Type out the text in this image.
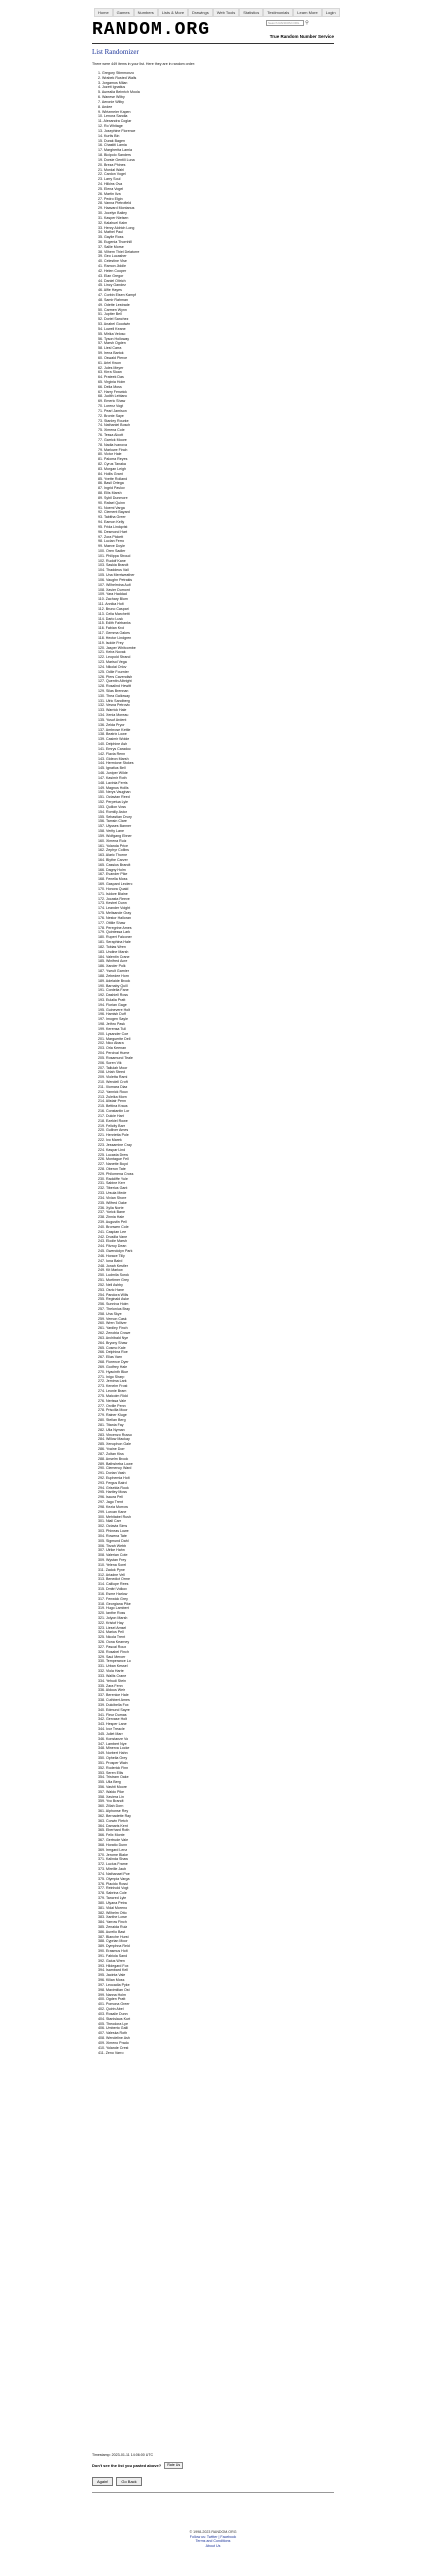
Home	Games	Numbers	Lists & More	Drawings	Web Tools	Statistics	Testimonials	Learn More	Login
RANDOM.ORG	Search RANDOM.ORG	⚲
True Random Number Service
List Randomizer
There were 449 items in your list. Here they are in random order:
1. Gregory Stimmonzo
2. Wrabek Rusted Walls
3. Jorgamos Milan
4. Jozett Ignatius
5. Aurealia Beinrich Moola
6. Wanese Wilby
7. Aeronie Wilby
8. Andee
9. Wirtzmeier Kapen
10. Lenora Sandia
11. Alexandra Coglar
12. Ro Whitage
13. Josephine Florence
14. Kurtis Bin
15. Durak Bagen
16. Chastiti Lamia
17. Margherita Lamia
18. Bicipolo Sanders
19. Dorsie Gentili Luna
20. Breza Phines
21. Mordal Wahl
22. Cardon Vogel
23. Larry Soul
24. Hilkins Ova
25. Elena Vogel
26. Martin Ilva
27. Pedro Elgin
28. Vanna Pietrofield
29. Haavard Montanus
30. Jocelyn Bailey
31. Kasper Nielsen
32. Kalahuel Kalm
33. Henry Aldrich Long
34. Mathel Paul
35. Gaylie Ross
36. Eugenia Thornhill
37. Sallie Morse
38. Vilhem Thiel Delatorre
39. Geo Lucasher
40. Celestine Vise
41. Ramon Jiddle
42. Helen Cooper
43. Elan Gregor
44. Daniel Oltrich
45. Lincy Gandez
46. Alfie Hayes
47. Corbin Eisen Kampf
48. Samir Rahman
49. Odette Lestrade
50. Carmen Wynn
51. Jupiter Bell
52. Doriel Sanchez
53. Anabel Goodwin
54. Lowell Keane
55. Mirika Veloso
56. Tyson Holloway
57. Marsh Ogden
58. Liesl Carra
59. Irena Bartok
60. Oswald Pierce
61. Ariel Kwon
62. Jules Meyer
63. Kirra Sloan
64. Prateek Das
65. Virginia Holm
66. Delia Moss
67. Harry Fenwick
68. Judith Leblanc
69. Emeric Shaw
70. Lorenz Vogt
71. Pearl Jamison
72. Bronte Saye
73. Stanley Rourke
74. Nathaniel Bosch
75. Ximena Cole
76. Tessa Alcott
77. Garrick Moore
78. Nadia Ivanova
79. Marlowe Finch
80. Victor Hale
81. Paloma Reyes
82. Cyrus Tanaka
83. Morgan Leigh
84. Hollis Grant
85. Yvette Rolland
86. Basil Ortega
87. Ingrid Pavlov
88. Ellis Marsh
89. Sybil Dunmore
90. Rafael Quinn
91. Noemi Varga
92. Clement Bayard
93. Tabitha Greer
94. Eamon Kelly
95. Frida Lindqvist
96. Desmond Hart
97. Zora Pickett
98. Lucian Ferro
99. Maeve Doyle
100. Oren Sadler
101. Philippa Stroud
102. Rudolf Kane
103. Saskia Brandt
104. Thaddeus Vail
105. Una Merriweather
106. Vaughn Petrakis
107. Wilhelmina Ault
108. Xavier Dumont
109. Yara Haddad
110. Zachary Blum
111. Annika Holt
112. Bruno Caspari
113. Celia Marchetti
114. Dario Lusk
115. Edith Fairbanks
116. Fabian Krol
117. Gemma Oakes
118. Hector Lindgren
119. Isolde Frey
120. Jasper Whitcombe
121. Keira Novak
122. Leopold Strand
123. Marisol Vega
124. Nikolai Orlov
125. Odile Fournier
126. Piers Cavendish
127. Quentin Albright
128. Rosalind Hewitt
129. Silas Brennan
130. Thea Galloway
131. Ulric Sandberg
132. Vesna Petrovic
133. Warrick Hale
134. Xenia Moreau
135. Yusuf Ardent
136. Zelda Pryor
137. Ambrose Kettle
138. Beatrix Lowe
139. Casimir Wolde
140. Delphine Ash
141. Emrys Caradoc
142. Flavia Renn
143. Gideon Marsh
144. Hermione Stokes
145. Ignatius Bell
146. Juniper Wilde
147. Kasimir Roth
148. Lavinia Ferris
149. Magnus Hollis
150. Nerys Vaughan
151. Octavian Reed
152. Perpetua Lyle
153. Quillon Voss
154. Romilly Astor
155. Sebastian Drury
156. Tamsin Clare
157. Ulysses Banner
158. Verity Lane
159. Wolfgang Ebner
160. Ximena Ruiz
161. Yolanda Price
162. Zephyr Collins
163. Alaric Thorne
164. Blythe Carver
165. Cassius Brandt
166. Dagny Holm
167. Evander Pike
168. Fenella Moss
169. Gaspard Leclerc
170. Honora Quaid
171. Isidore Blaine
172. Jocasta Reeve
173. Kestrel Dunn
174. Leander Voight
175. Melisande Gray
176. Nestor Halloran
177. Ottilie Shaw
178. Peregrine Ames
179. Quintessa Lark
180. Rupert Falconer
181. Seraphina Hale
182. Tobias Wren
183. Undine Marsh
184. Valentin Crane
185. Winifred Acre
186. Xander Polk
187. Yseult Garnier
188. Zebedee Horn
189. Adelaide Brook
190. Barnaby Quill
191. Cordelia Fane
192. Dashiell Ross
193. Eulalia Pratt
194. Florian Gage
195. Guinevere Holt
196. Hamish Duff
197. Imogen Sayle
198. Jethro Pask
199. Kerensa Tull
200. Lysander Coe
201. Marguerite Dell
202. Nico Abara
203. Orla Keenan
204. Percival Hume
205. Rosamund Teale
206. Soren Vik
207. Tallulah Moor
208. Uriah Steed
209. Violetta Rami
210. Wendell Croft
211. Xiomara Diaz
212. Yannick Roux
213. Zuleika Morn
214. Alistair Penn
215. Bettina Kraus
216. Constantin Lor
217. Dulcie Hart
218. Ezekiel Rowe
219. Felicity Barr
220. Gulliver Ames
221. Henrietta Pole
222. Ivo Marek
223. Jessamine Cray
224. Kaspar Lind
225. Lucasta Drew
226. Montague Fell
227. Nanette Boyd
228. Oberon Tate
229. Philomena Cross
230. Radcliffe Yule
231. Sabine Kerr
232. Tiberius Gant
233. Ursula Mede
234. Vivian Shore
235. Wilfred Oake
236. Xylia Norte
237. Yorick Bane
238. Zinnia Hale
239. Augustin Pell
240. Bronwen Cole
241. Caspian Lee
242. Drusilla Vane
243. Elodie Marsh
244. Fitzroy Dean
245. Gwendolyn Park
246. Horace Tilly
247. Iona Baird
248. Jonah Kestler
249. Kit Marlow
250. Ludmila Sorok
251. Mortimer Grey
252. Nell Ashby
253. Osric Hane
254. Pandora Wills
255. Reginald Aske
256. Sunniva Holm
257. Thelonius Bray
258. Una Skye
259. Vernon Cask
260. Wren Tolliver
261. Yardley Finch
262. Zenobia Crowe
263. Archibald Nye
264. Bryony Shaw
265. Cosmo Kale
266. Delphina Roe
267. Elias Varn
268. Florence Dyer
269. Godfrey Hale
270. Hyacinth Blue
271. Inigo Sharp
272. Jemima Lark
273. Kenelm Frost
274. Leonie Bram
275. Malcolm Ridd
276. Nerissa Vale
277. Orville Penn
278. Priscilla Moor
279. Rainer Kluge
280. Stellan Berg
281. Titania Fay
282. Ulla Nyman
283. Vincenzo Russo
284. Willow Mackay
285. Xenophon Gale
286. Yvaine Dorr
287. Zoltan Kiss
288. Anselm Brook
289. Bathsheba Lowe
290. Clemency Ward
291. Dorian Vash
292. Euphemia Holt
293. Fergus Baird
294. Griselda Rook
295. Hartley Moss
296. Isaura Pell
297. Jago Trent
298. Kezia Morrow
299. Lorcan Kane
300. Mehitabel Rush
301. Niall Carr
302. Octavia Sims
303. Phineas Lowe
304. Rowena Tate
305. Sigmund Dahl
306. Tirzah Webb
307. Ulrike Hahn
308. Valerian Cote
309. Wystan Frey
310. Yelena Sorel
311. Zadok Pyne
312. Ariadne Vell
313. Benedict Orme
314. Calliope Rees
315. Dmitri Volkov
316. Esme Harlow
317. Fenwick Grey
318. Georgiana Pike
319. Hugo Lambert
320. Ianthe Ross
321. Jolyon Marsh
322. Kristof Hay
323. Liesel Amsel
324. Marius Pell
325. Nicola Trent
326. Oona Kearney
327. Pascal Roux
328. Rosabel Finch
329. Saul Mercer
330. Temperance Lo
331. Urban Kessel
332. Viola Harte
333. Wallis Crane
334. Yehudi Stein
335. Zara Fenn
336. Aldous Weir
337. Berenice Hale
338. Cuthbert Ames
339. Dulcibella Fox
340. Edmund Sayre
341. Fleur Dumas
342. Gervase Holt
343. Hesper Lane
344. Ivor Treacle
345. Juliet Marr
346. Konstanze Vo
347. Lambert Nye
348. Minerva Locke
349. Norbert Hahn
350. Ophelia Grey
351. Prosper Wain
352. Roderick Finn
353. Seren Ellis
354. Tristram Oake
355. Ulla Berg
356. Vashti Moore
357. Waldo Pike
358. Xaviera Lin
359. Yvo Brandt
360. Zillah Dorn
361. Alphonse Rey
362. Bernadette Ray
363. Corwin Fletch
364. Damaris Kent
365. Eberhard Roth
366. Felix Monte
367. Gertrude Vale
368. Horatio Dunn
369. Irmgard Lenz
370. Jerome Blake
371. Kalinda Shaw
372. Lucius Frame
373. Mireille Jaub
374. Nathanael Poe
375. Olympia Varga
376. Placido Rossi
377. Reinhold Vogt
378. Sabrina Cole
379. Tancred Lyle
380. Ulyana Petra
381. Vidal Moreno
382. Wilhelm Otto
383. Xanthe Lowe
384. Yarrow Finch
385. Zenaida Ruiz
386. Aurelio Bast
387. Blanche Hurst
388. Cyprian Moor
389. Dymphna Reid
390. Erasmus Holt
391. Fabiola Sand
392. Gaius Wren
393. Hildegard Fox
394. Isambard Kell
395. Jacinta Vale
396. Kilian Moss
397. Leocadia Pyke
398. Maximilian Ost
399. Nanna Holm
400. Ogden Pratt
401. Pomona Greer
402. Quirin Abel
403. Rosalie Dunn
404. Stanislaus Kurt
405. Theodora Lye
406. Umberto Galli
407. Valeska Roth
408. Wendeline Ash
409. Ximeno Prado
410. Yolande Crest
411. Zeno Varro
Timestamp: 2023-01-11 14:06:00 UTC
Don't see the list you pasted above?	Rate Us
Again!	Go Back
© 1998-2023 RANDOM.ORG
Follow us: Twitter | Facebook
Terms and Conditions
About Us
